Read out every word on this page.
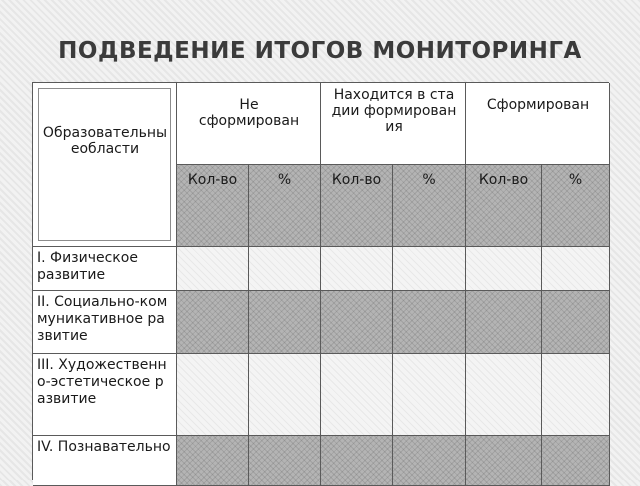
ПОДВЕДЕНИЕ ИТОГОВ МОНИТОРИНГА
Образовательныеобласти
Не сформирован
Находится в стадии формирования
Сформирован
Кол-во	%	Кол-во	%	Кол-во	%
I. Физическое развитие
II. Социально-коммуникативное развитие
III. Художественно-эстетическое развитие
IV. Познавательно
